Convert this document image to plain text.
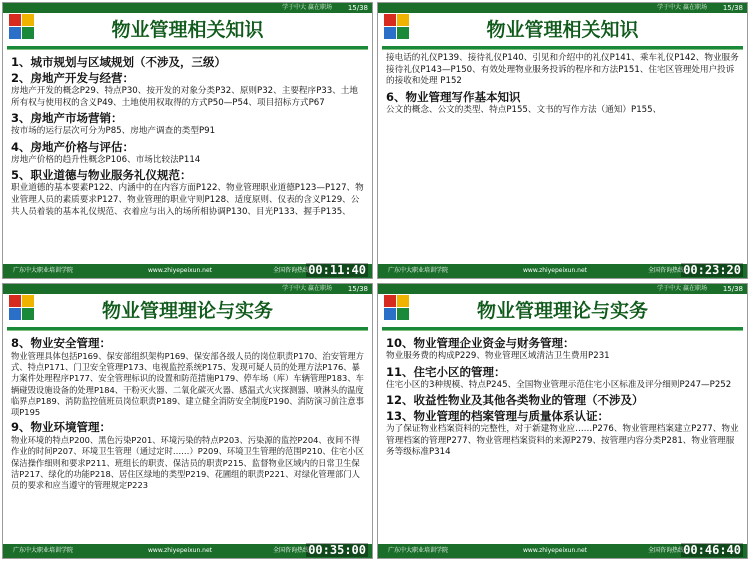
学于中大 赢在职场 15/38
物业管理相关知识
1、城市规划与区域规划（不涉及，三级）
2、房地产开发与经营：
房地产开发的概念P29、特点P30、按开发的对象分类P32、原则P32、主要程序P33、土地所有权与使用权的含义P49、土地使用权取得的方式P50—P54、项目招标方式P67
3、房地产市场营销：
按市场的运行层次可分为P85、房地产调查的类型P91
4、房地产价格与评估：
房地产价格的趋升性概念P106、市场比较法P114
5、职业道德与物业服务礼仪规范：
职业道德的基本要素P122、内涵中的在内容方面P122、物业管理职业道德P123—P127、物业管理人员的素质要求P127、物业管理的职业守则P128、适度原则、仪表的含义P129、公共人员着装的基本礼仪规范、衣着应与出入的场所相协调P130、目光P133、握手P135、
广东中大职业培训学院	www.zhiyepeixun.net	全国咨询热线 00:11:40
学于中大 赢在职场 15/38
物业管理相关知识
接电话的礼仪P139、接待礼仪P140、引见和介绍中的礼仪P141、乘车礼仪P142、物业服务接待礼仪P143—P150、有效处理物业服务投诉的程序和方法P151、住宅区管理处用户投诉的接收和处理 P152
6、物业管理写作基本知识
公文的概念、公文的类型、特点P155、文书的写作方法（通知）P155、
广东中大职业培训学院	www.zhiyepeixun.net	全国咨询热线 00:23:20
学于中大 赢在职场 15/38
物业管理理论与实务
8、物业安全管理：
物业管理具体包括P169、保安部组织架构P169、保安部各级人员的岗位职责P170、治安管理方式、特点P171、门卫安全管理P173、电视监控系统P175、发现可疑人员的处理方法P176、暴力案件处理程序P177、安全管理标识的设置和防范措施P179、停车场（库）车辆管理P183、车辆碰毁设施设备的处理P184、干粉灭火器、二氧化碳灭火器、感温式火灾探测器、喷淋头的温度临界点P189、消防监控值班员岗位职责P189、建立健全消防安全制度P190、消防演习前注意事项P195
9、物业环境管理：
物业环境的特点P200、黑色污染P201、环境污染的特点P203、污染源的监控P204、夜间不得作业的时间P207、环境卫生管理（通过定时……）P209、环境卫生管理的范围P210、住宅小区保洁操作细则和要求P211、班组长的职责、保洁员的职责P215、监督物业区域内的日常卫生保洁P217、绿化的功能P218、居住区绿地的类型P219、花圃组的职责P221、对绿化管理部门人员的要求和应当遵守的管理规定P223
广东中大职业培训学院	www.zhiyepeixun.net	全国咨询热线 00:35:00
学于中大 赢在职场 15/38
物业管理理论与实务
10、物业管理企业资金与财务管理：
物业服务费的构成P229、物业管理区域清洁卫生费用P231
11、住宅小区的管理：
住宅小区的3种规模、特点P245、全国物业管理示范住宅小区标准及评分细则P247—P252
12、收益性物业及其他各类物业的管理（不涉及）
13、物业管理的档案管理与质量体系认证：
为了保证物业档案资料的完整性，对于新建物业应……P276、物业管理档案建立P277、物业管理档案的管理P277、物业管理档案资料的来源P279、按管理内容分类P281、物业管理服务等级标准P314
广东中大职业培训学院	www.zhiyepeixun.net	全国咨询热线 00:46:40
